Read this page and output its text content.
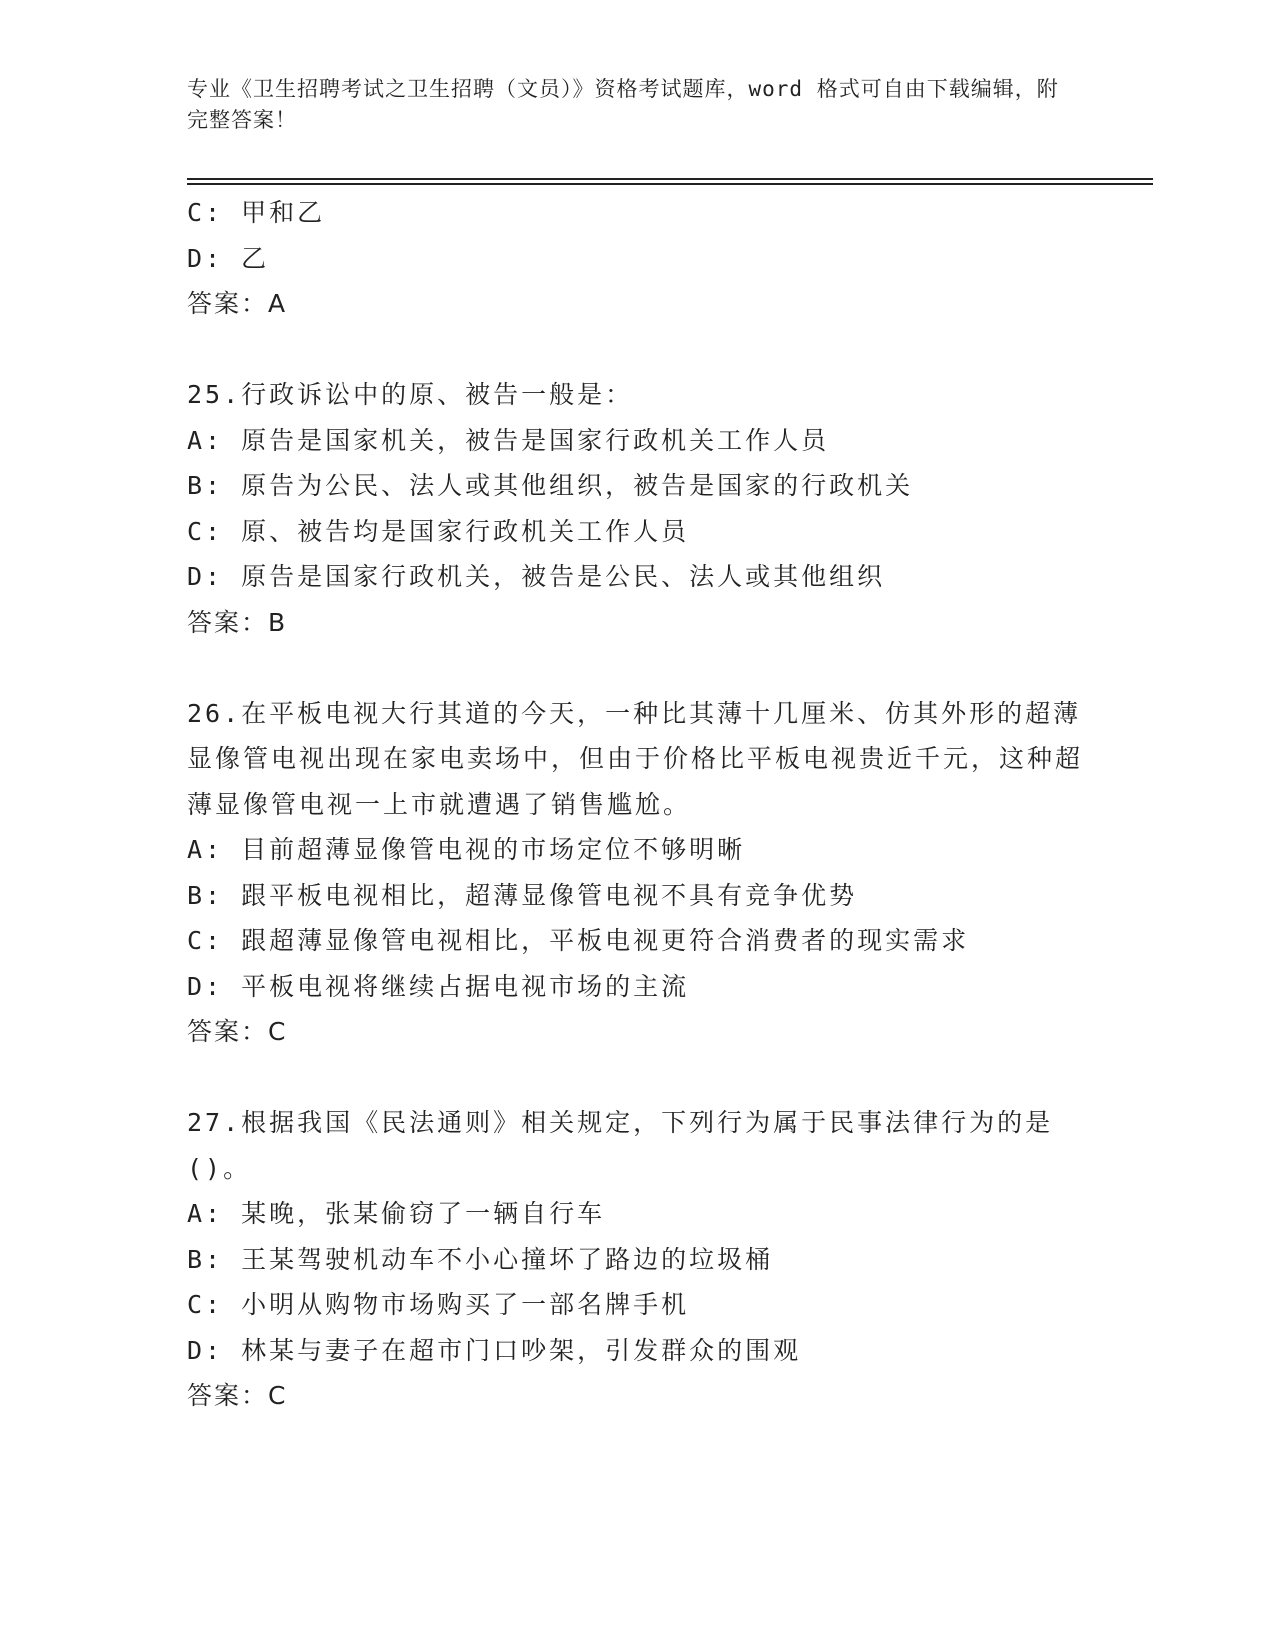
专业《卫生招聘考试之卫生招聘（文员）》资格考试题库，word 格式可自由下载编辑，附完整答案！
C: 甲和乙
D: 乙
答案：A
25.行政诉讼中的原、被告一般是：
A: 原告是国家机关，被告是国家行政机关工作人员
B: 原告为公民、法人或其他组织，被告是国家的行政机关
C: 原、被告均是国家行政机关工作人员
D: 原告是国家行政机关，被告是公民、法人或其他组织
答案：B
26.在平板电视大行其道的今天，一种比其薄十几厘米、仿其外形的超薄显像管电视出现在家电卖场中，但由于价格比平板电视贵近千元，这种超薄显像管电视一上市就遭遇了销售尴尬。
A: 目前超薄显像管电视的市场定位不够明晰
B: 跟平板电视相比，超薄显像管电视不具有竞争优势
C: 跟超薄显像管电视相比，平板电视更符合消费者的现实需求
D: 平板电视将继续占据电视市场的主流
答案：C
27.根据我国《民法通则》相关规定，下列行为属于民事法律行为的是()。
A: 某晚，张某偷窃了一辆自行车
B: 王某驾驶机动车不小心撞坏了路边的垃圾桶
C: 小明从购物市场购买了一部名牌手机
D: 林某与妻子在超市门口吵架，引发群众的围观
答案：C
